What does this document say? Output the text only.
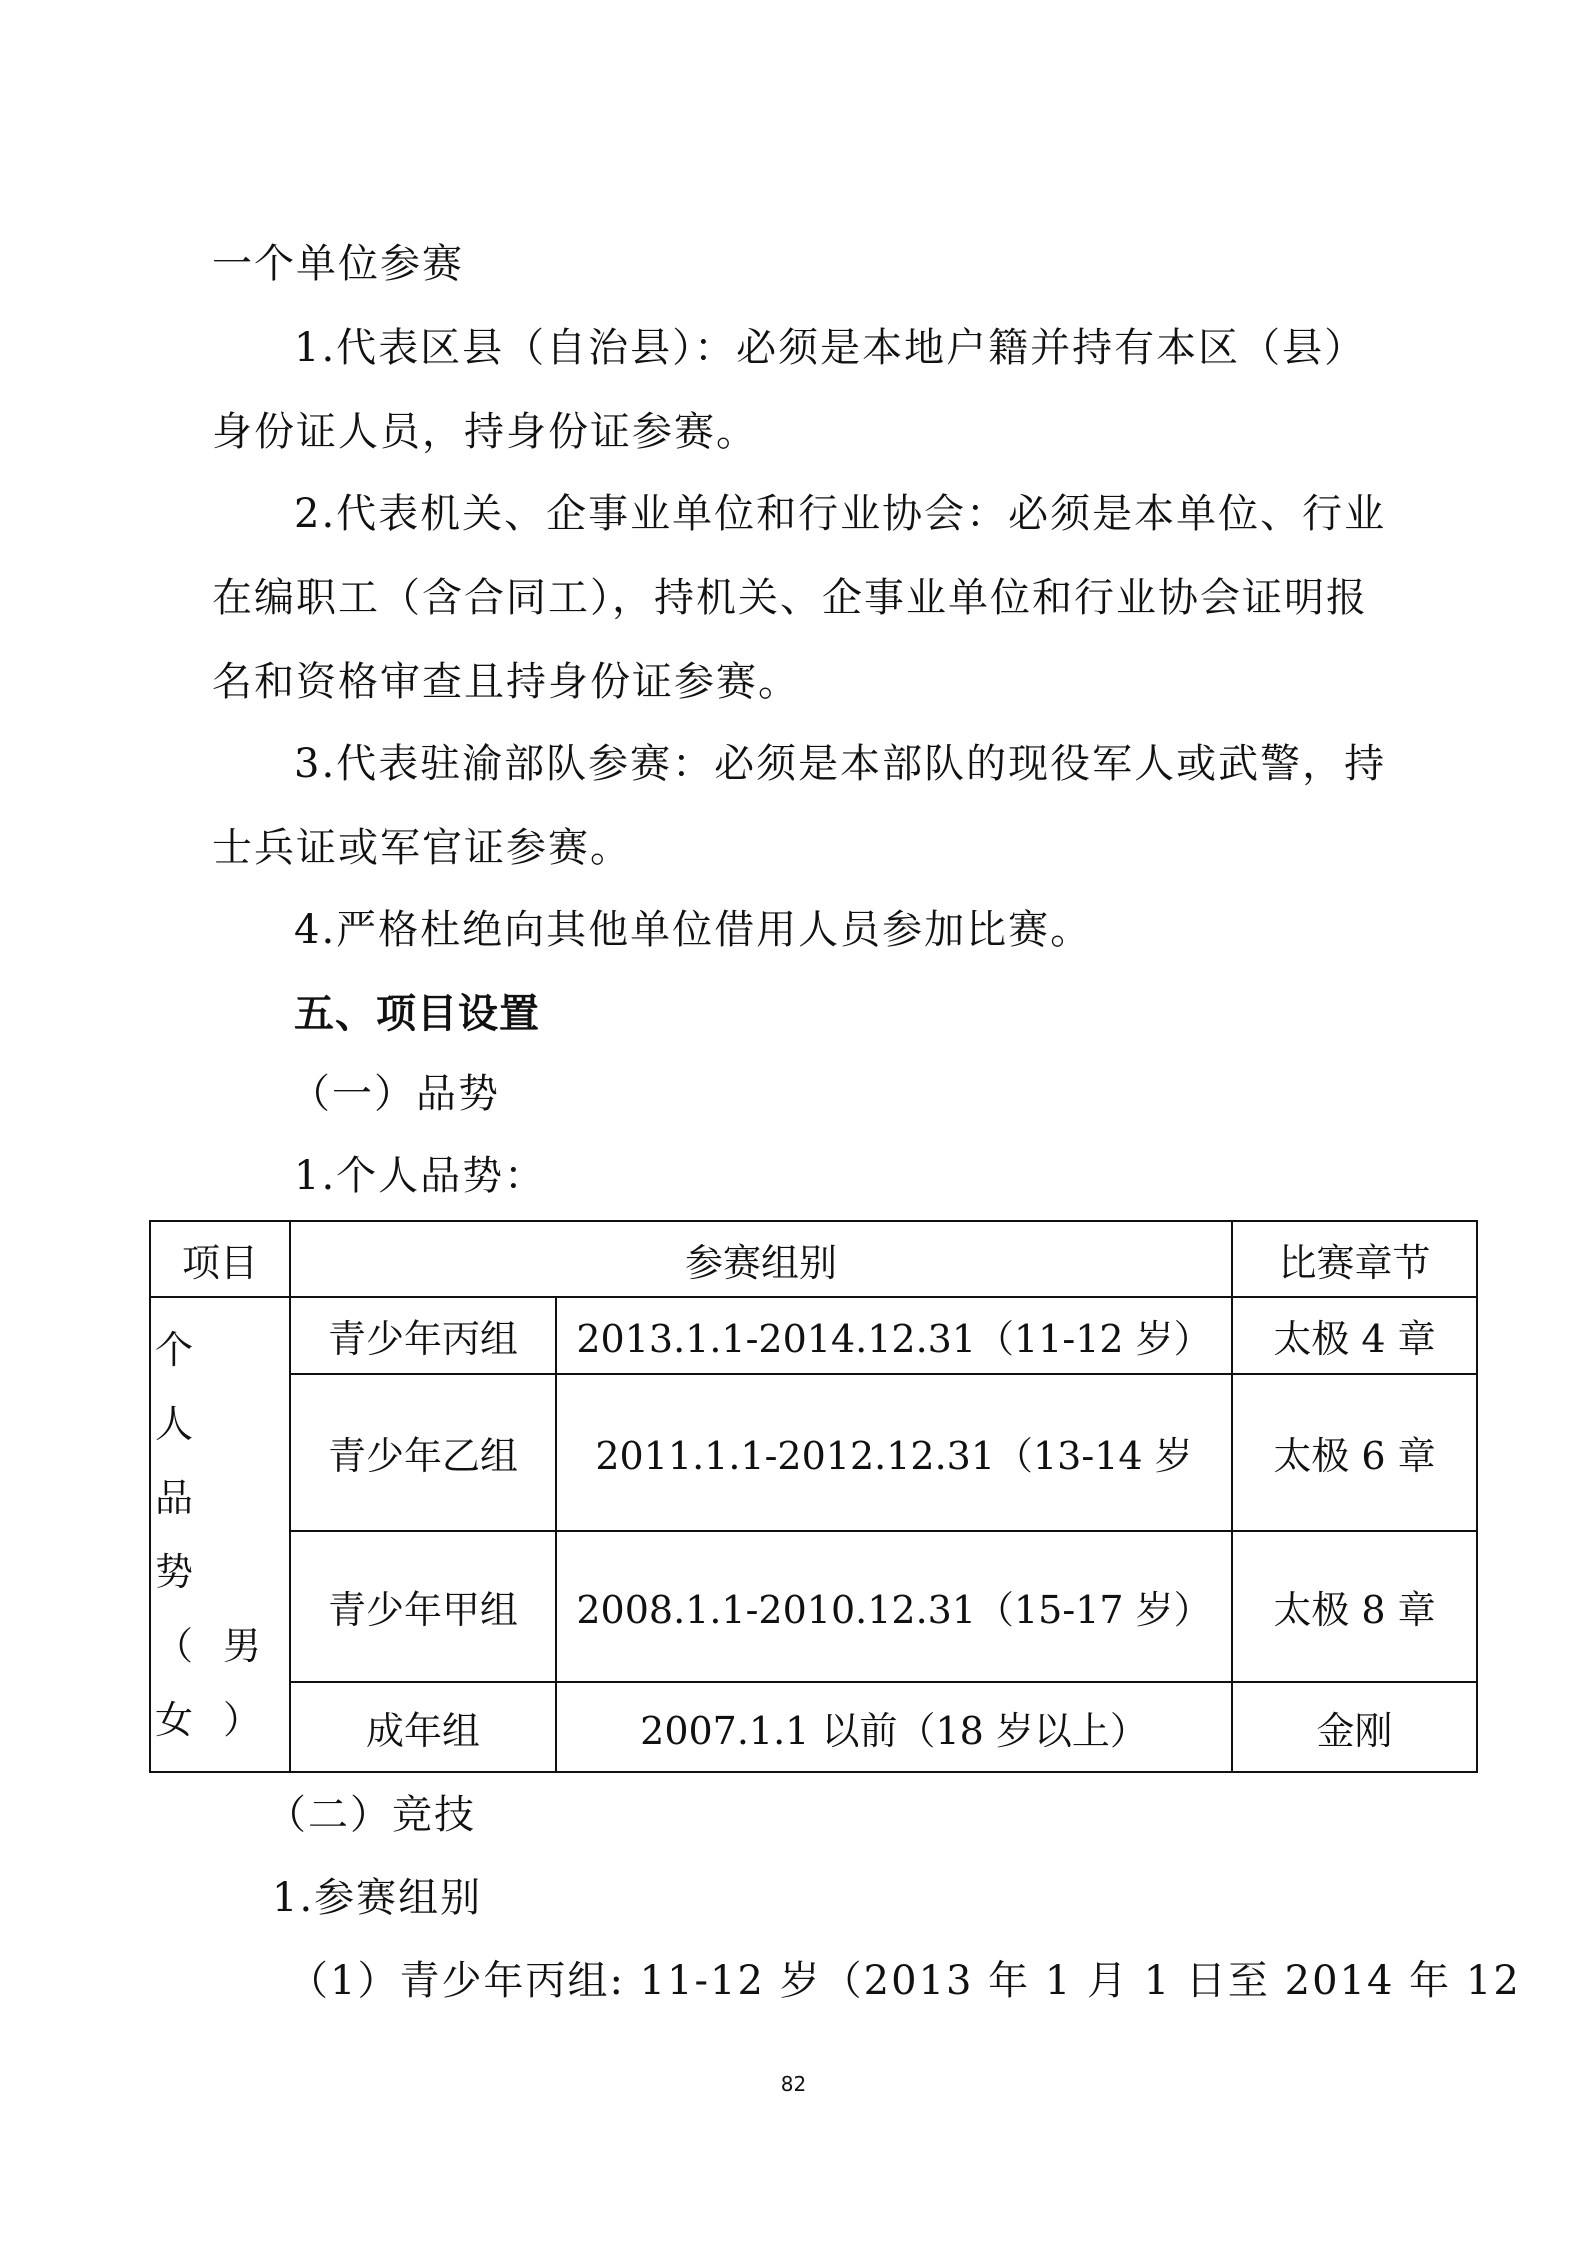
一个单位参赛
1.代表区县（自治县）：必须是本地户籍并持有本区（县）
身份证人员，持身份证参赛。
2.代表机关、企事业单位和行业协会：必须是本单位、行业
在编职工（含合同工），持机关、企事业单位和行业协会证明报
名和资格审查且持身份证参赛。
3.代表驻渝部队参赛：必须是本部队的现役军人或武警，持
士兵证或军官证参赛。
4.严格杜绝向其他单位借用人员参加比赛。
五、项目设置
（一）品势
1.个人品势：
项目	参赛组别		比赛章节

个人品势（男女）	青少年丙组	2013.1.1-2014.12.31（11-12 岁）	太极 4 章
	青少年乙组	2011.1.1-2012.12.31（13-14 岁	太极 6 章
	青少年甲组	2008.1.1-2010.12.31（15-17 岁）	太极 8 章
	成年组	2007.1.1 以前（18 岁以上）	金刚
（二）竞技
1.参赛组别
（1）青少年丙组: 11-12 岁（2013 年 1 月 1 日至 2014 年 12
82
